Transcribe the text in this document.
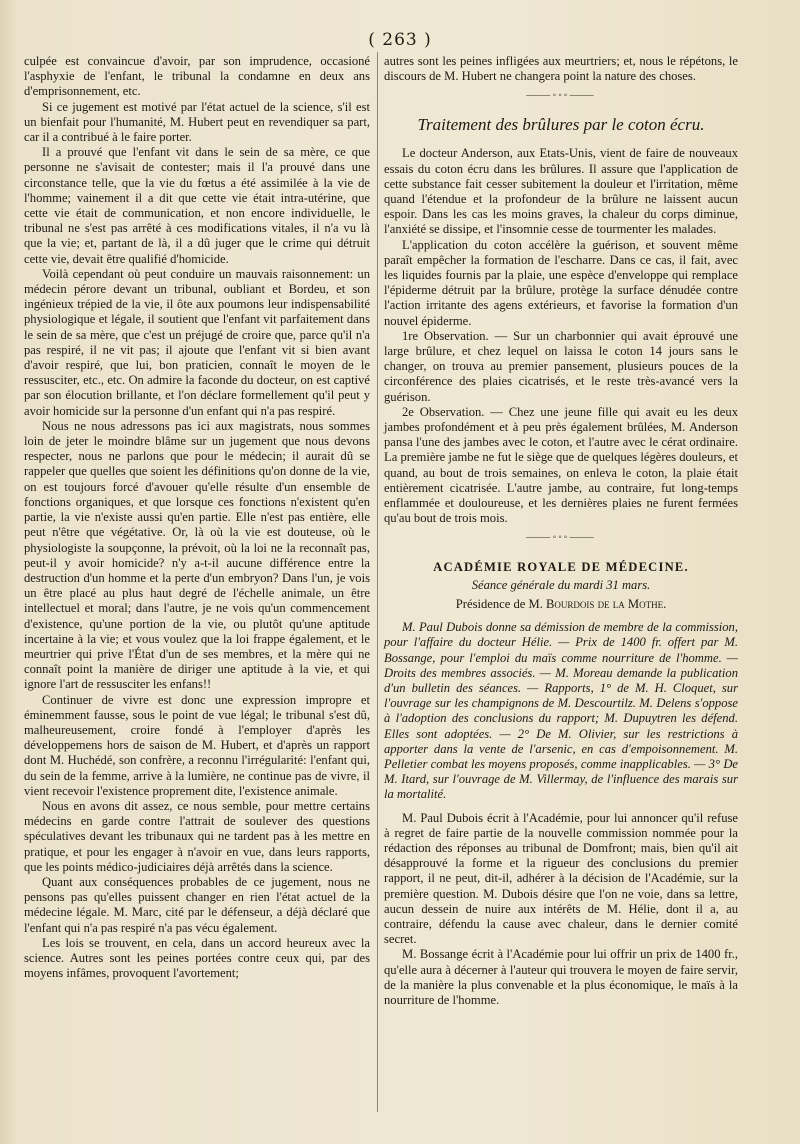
( 263 )

culpée est convaincue d'avoir, par son imprudence, occasioné l'asphyxie de l'enfant, le tribunal la condamne en deux ans d'emprisonnement, etc.

Si ce jugement est motivé par l'état actuel de la science, s'il est un bienfait pour l'humanité, M. Hubert peut en revendiquer sa part, car il a contribué à le faire porter.

Il a prouvé que l'enfant vit dans le sein de sa mère, ce que personne ne s'avisait de contester; mais il l'a prouvé dans une circonstance telle, que la vie du fœtus a été assimilée à la vie de l'homme; vainement il a dit que cette vie était intra-utérine, que cette vie était de communication, et non encore individuelle, le tribunal ne s'est pas arrêté à ces modifications vitales, il n'a vu là que la vie; et, partant de là, il a dû juger que le crime qui détruit cette vie, devait être qualifié d'homicide.

Voilà cependant où peut conduire un mauvais raisonnement: un médecin pérore devant un tribunal, oubliant et Bordeu, et son ingénieux trépied de la vie, il ôte aux poumons leur indispensabilité physiologique et légale, il soutient que l'enfant vit parfaitement dans le sein de sa mère, que c'est un préjugé de croire que, parce qu'il n'a pas respiré, il ne vit pas; il ajoute que l'enfant vit si bien avant d'avoir respiré, que lui, bon praticien, connaît le moyen de le ressusciter, etc., etc. On admire la faconde du docteur, on est captivé par son élocution brillante, et l'on déclare formellement qu'il peut y avoir homicide sur la personne d'un enfant qui n'a pas respiré.

Nous ne nous adressons pas ici aux magistrats, nous sommes loin de jeter le moindre blâme sur un jugement que nous devons respecter, nous ne parlons que pour le médecin; il aurait dû se rappeler que quelles que soient les définitions qu'on donne de la vie, on est toujours forcé d'avouer qu'elle résulte d'un ensemble de fonctions organiques, et que lorsque ces fonctions n'existent qu'en partie, la vie n'existe aussi qu'en partie. Elle n'est pas entière, elle peut n'être que végétative. Or, là où la vie est douteuse, où le physiologiste la soupçonne, la prévoit, où la loi ne la reconnaît pas, peut-il y avoir homicide? n'y a-t-il aucune différence entre la destruction d'un homme et la perte d'un embryon? Dans l'un, je vois un être placé au plus haut degré de l'échelle animale, un être intellectuel et moral; dans l'autre, je ne vois qu'un commencement d'existence, qu'une portion de la vie, ou plutôt qu'une aptitude incertaine à la vie; et vous voulez que la loi frappe également, et le meurtrier qui prive l'État d'un de ses membres, et la mère qui ne connaît point la manière de diriger une aptitude à la vie, et qui ignore l'art de ressusciter les enfans!!

Continuer de vivre est donc une expression impropre et éminemment fausse, sous le point de vue légal; le tribunal s'est dû, malheureusement, croire fondé à l'employer d'après les développemens hors de saison de M. Hubert, et d'après un rapport dont M. Huchédé, son confrère, a reconnu l'irrégularité: l'enfant qui, du sein de la femme, arrive à la lumière, ne continue pas de vivre, il vient recevoir l'existence proprement dite, l'existence animale.

Nous en avons dit assez, ce nous semble, pour mettre certains médecins en garde contre l'attrait de soulever des questions spéculatives devant les tribunaux qui ne tardent pas à les mettre en pratique, et pour les engager à n'avoir en vue, dans leurs rapports, que les points médico-judiciaires déjà arrêtés dans la science.

Quant aux conséquences probables de ce jugement, nous ne pensons pas qu'elles puissent changer en rien l'état actuel de la médecine légale. M. Marc, cité par le défenseur, a déjà déclaré que l'enfant qui n'a pas respiré n'a pas vécu également.

Les lois se trouvent, en cela, dans un accord heureux avec la science. Autres sont les peines portées contre ceux qui, par des moyens infâmes, provoquent l'avortement;

autres sont les peines infligées aux meurtriers; et, nous le répétons, le discours de M. Hubert ne changera point la nature des choses.

⸻◦◦◦⸻
Traitement des brûlures par le coton écru.

Le docteur Anderson, aux Etats-Unis, vient de faire de nouveaux essais du coton écru dans les brûlures. Il assure que l'application de cette substance fait cesser subitement la douleur et l'irritation, même quand l'étendue et la profondeur de la brûlure ne laissent aucun espoir. Dans les cas les moins graves, la chaleur du corps diminue, l'anxiété se dissipe, et l'insomnie cesse de tourmenter les malades.

L'application du coton accélère la guérison, et souvent même paraît empêcher la formation de l'escharre. Dans ce cas, il fait, avec les liquides fournis par la plaie, une espèce d'enveloppe qui remplace l'épiderme détruit par la brûlure, protège la surface dénudée contre l'action irritante des agens extérieurs, et favorise la formation d'un nouvel épiderme.

1re Observation. — Sur un charbonnier qui avait éprouvé une large brûlure, et chez lequel on laissa le coton 14 jours sans le changer, on trouva au premier pansement, plusieurs pouces de la circonférence des plaies cicatrisés, et le reste très-avancé vers la guérison.

2e Observation. — Chez une jeune fille qui avait eu les deux jambes profondément et à peu près également brûlées, M. Anderson pansa l'une des jambes avec le coton, et l'autre avec le cérat ordinaire. La première jambe ne fut le siège que de quelques légères douleurs, et quand, au bout de trois semaines, on enleva le coton, la plaie était entièrement cicatrisée. L'autre jambe, au contraire, fut long-temps enflammée et douloureuse, et les dernières plaies ne furent fermées qu'au bout de trois mois.

⸻◦◦◦⸻
ACADÉMIE ROYALE DE MÉDECINE.
Séance générale du mardi 31 mars.
Présidence de M. Bourdois de la Mothe.

M. Paul Dubois donne sa démission de membre de la commission, pour l'affaire du docteur Hélie. — Prix de 1400 fr. offert par M. Bossange, pour l'emploi du maïs comme nourriture de l'homme. — Droits des membres associés. — M. Moreau demande la publication d'un bulletin des séances. — Rapports, 1° de M. H. Cloquet, sur l'ouvrage sur les champignons de M. Descourtilz. M. Delens s'oppose à l'adoption des conclusions du rapport; M. Dupuytren les défend. Elles sont adoptées. — 2° De M. Olivier, sur les restrictions à apporter dans la vente de l'arsenic, en cas d'empoisonnement. M. Pelletier combat les moyens proposés, comme inapplicables. — 3° De M. Itard, sur l'ouvrage de M. Villermay, de l'influence des marais sur la mortalité.

M. Paul Dubois écrit à l'Académie, pour lui annoncer qu'il refuse à regret de faire partie de la nouvelle commission nommée pour la rédaction des réponses au tribunal de Domfront; mais, bien qu'il ait désapprouvé la forme et la rigueur des conclusions du premier rapport, il ne peut, dit-il, adhérer à la décision de l'Académie, sur la première question. M. Dubois désire que l'on ne voie, dans sa lettre, aucun dessein de nuire aux intérêts de M. Hélie, dont il a, au contraire, défendu la cause avec chaleur, dans le dernier comité secret.

M. Bossange écrit à l'Académie pour lui offrir un prix de 1400 fr., qu'elle aura à décerner à l'auteur qui trouvera le moyen de faire servir, de la manière la plus convenable et la plus économique, le maïs à la nourriture de l'homme.
